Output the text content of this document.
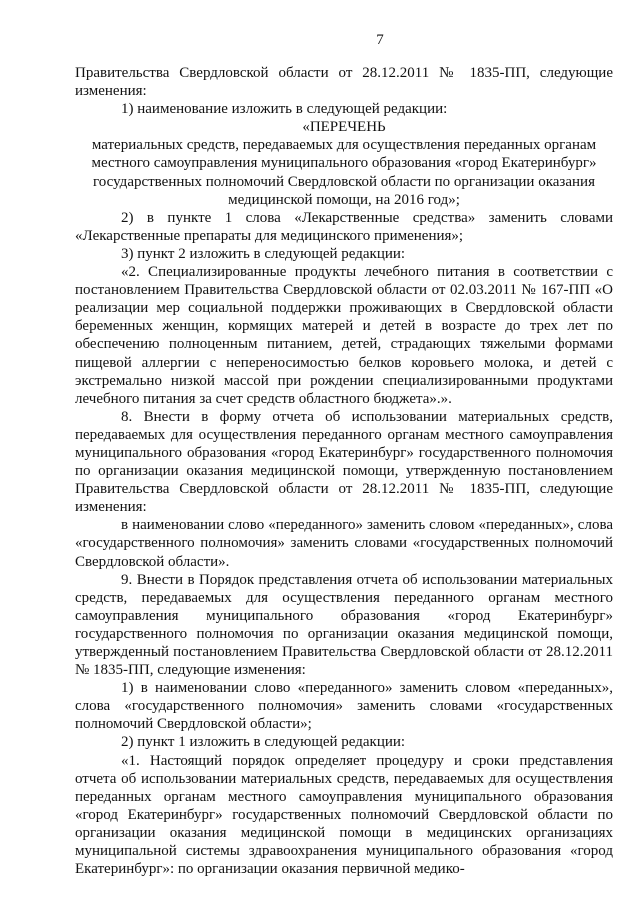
7

Правительства Свердловской области от 28.12.2011 № 1835-ПП, следующие изменения:

1) наименование изложить в следующей редакции:

«ПЕРЕЧЕНЬ

материальных средств, передаваемых для осуществления переданных органам местного самоуправления муниципального образования «город Екатеринбург» государственных полномочий Свердловской области по организации оказания медицинской помощи, на 2016 год»;

2) в пункте 1 слова «Лекарственные средства» заменить словами «Лекарственные препараты для медицинского применения»;

3) пункт 2 изложить в следующей редакции:

«2. Специализированные продукты лечебного питания в соответствии с постановлением Правительства Свердловской области от 02.03.2011 № 167-ПП «О реализации мер социальной поддержки проживающих в Свердловской области беременных женщин, кормящих матерей и детей в возрасте до трех лет по обеспечению полноценным питанием, детей, страдающих тяжелыми формами пищевой аллергии с непереносимостью белков коровьего молока, и детей с экстремально низкой массой при рождении специализированными продуктами лечебного питания за счет средств областного бюджета».».

8. Внести в форму отчета об использовании материальных средств, передаваемых для осуществления переданного органам местного самоуправления муниципального образования «город Екатеринбург» государственного полномочия по организации оказания медицинской помощи, утвержденную постановлением Правительства Свердловской области от 28.12.2011 № 1835-ПП, следующие изменения:

в наименовании слово «переданного» заменить словом «переданных», слова «государственного полномочия» заменить словами «государственных полномочий Свердловской области».

9. Внести в Порядок представления отчета об использовании материальных средств, передаваемых для осуществления переданного органам местного самоуправления муниципального образования «город Екатеринбург» государственного полномочия по организации оказания медицинской помощи, утвержденный постановлением Правительства Свердловской области от 28.12.2011 № 1835-ПП, следующие изменения:

1) в наименовании слово «переданного» заменить словом «переданных», слова «государственного полномочия» заменить словами «государственных полномочий Свердловской области»;

2) пункт 1 изложить в следующей редакции:

«1. Настоящий порядок определяет процедуру и сроки представления отчета об использовании материальных средств, передаваемых для осуществления переданных органам местного самоуправления муниципального образования «город Екатеринбург» государственных полномочий Свердловской области по организации оказания медицинской помощи в медицинских организациях муниципальной системы здравоохранения муниципального образования «город Екатеринбург»: по организации оказания первичной медико-
